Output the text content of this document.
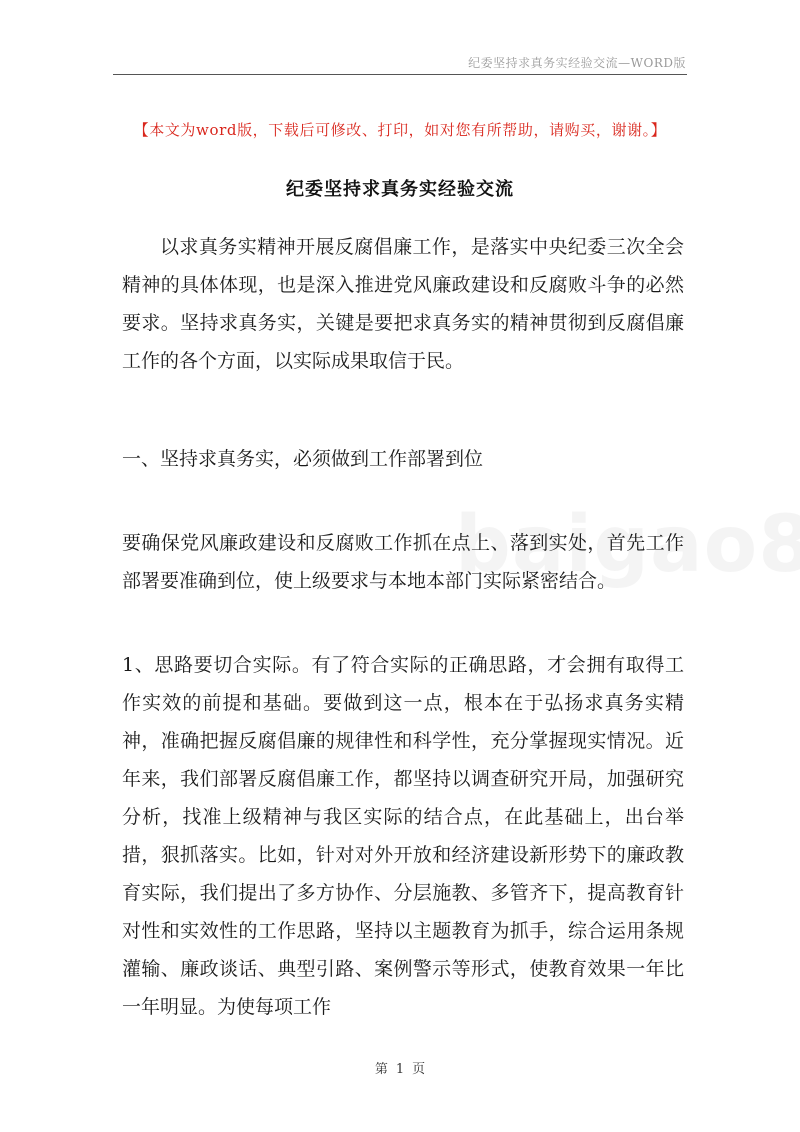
纪委坚持求真务实经验交流—WORD版
【本文为word版，下载后可修改、打印，如对您有所帮助，请购买，谢谢。】
纪委坚持求真务实经验交流
以求真务实精神开展反腐倡廉工作，是落实中央纪委三次全会精神的具体体现，也是深入推进党风廉政建设和反腐败斗争的必然要求。坚持求真务实，关键是要把求真务实的精神贯彻到反腐倡廉工作的各个方面，以实际成果取信于民。
一、坚持求真务实，必须做到工作部署到位
要确保党风廉政建设和反腐败工作抓在点上、落到实处，首先工作部署要准确到位，使上级要求与本地本部门实际紧密结合。
1、思路要切合实际。有了符合实际的正确思路，才会拥有取得工作实效的前提和基础。要做到这一点，根本在于弘扬求真务实精神，准确把握反腐倡廉的规律性和科学性，充分掌握现实情况。近年来，我们部署反腐倡廉工作，都坚持以调查研究开局，加强研究分析，找准上级精神与我区实际的结合点，在此基础上，出台举措，狠抓落实。比如，针对对外开放和经济建设新形势下的廉政教育实际，我们提出了多方协作、分层施教、多管齐下，提高教育针对性和实效性的工作思路，坚持以主题教育为抓手，综合运用条规灌输、廉政谈话、典型引路、案例警示等形式，使教育效果一年比一年明显。为使每项工作
第 1 页
